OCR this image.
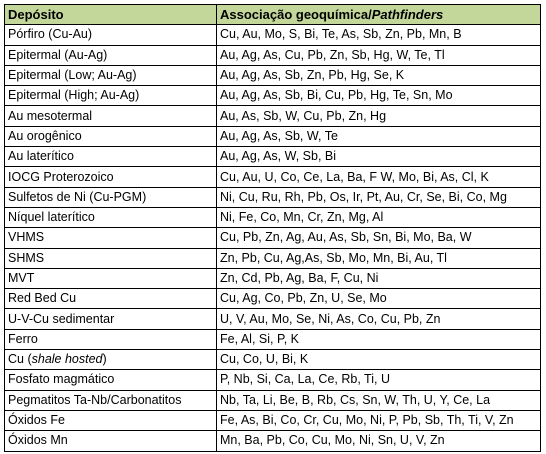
Depósito	Associação geoquímica/Pathfinders
Pórfiro (Cu-Au)	Cu, Au, Mo, S, Bi, Te, As, Sb, Zn, Pb, Mn, B
Epitermal (Au-Ag)	Au, Ag, As, Cu, Pb, Zn, Sb, Hg, W, Te, Tl
Epitermal (Low; Au-Ag)	Au, Ag, As, Sb, Zn, Pb, Hg, Se, K
Epitermal (High; Au-Ag)	Au, Ag, As, Sb, Bi, Cu, Pb, Hg, Te, Sn, Mo
Au mesotermal	Au, As, Sb, W, Cu, Pb, Zn, Hg
Au orogênico	Au, Ag, As, Sb, W, Te
Au laterítico	Au, Ag, As, W, Sb, Bi
IOCG Proterozoico	Cu, Au, U, Co, Ce, La, Ba, F W, Mo, Bi, As, Cl, K
Sulfetos de Ni (Cu-PGM)	Ni, Cu, Ru, Rh, Pb, Os, Ir, Pt, Au, Cr, Se, Bi, Co, Mg
Níquel laterítico	Ni, Fe, Co, Mn, Cr, Zn, Mg, Al
VHMS	Cu, Pb, Zn, Ag, Au, As, Sb, Sn, Bi, Mo, Ba, W
SHMS	Zn, Pb, Cu, Ag,As, Sb, Mo, Mn, Bi, Au, Tl
MVT	Zn, Cd, Pb, Ag, Ba, F, Cu, Ni
Red Bed Cu	Cu, Ag, Co, Pb, Zn, U, Se, Mo
U-V-Cu sedimentar	U, V, Au, Mo, Se, Ni, As, Co, Cu, Pb, Zn
Ferro	Fe, Al, Si, P, K
Cu (shale hosted)	Cu, Co, U, Bi, K
Fosfato magmático	P, Nb, Si, Ca, La, Ce, Rb, Ti, U
Pegmatitos Ta-Nb/Carbonatitos	Nb, Ta, Li, Be, B, Rb, Cs, Sn, W, Th, U, Y, Ce, La
Óxidos Fe	Fe, As, Bi, Co, Cr, Cu, Mo, Ni, P, Pb, Sb, Th, Ti, V, Zn
Óxidos Mn	Mn, Ba, Pb, Co, Cu, Mo, Ni, Sn, U, V, Zn
